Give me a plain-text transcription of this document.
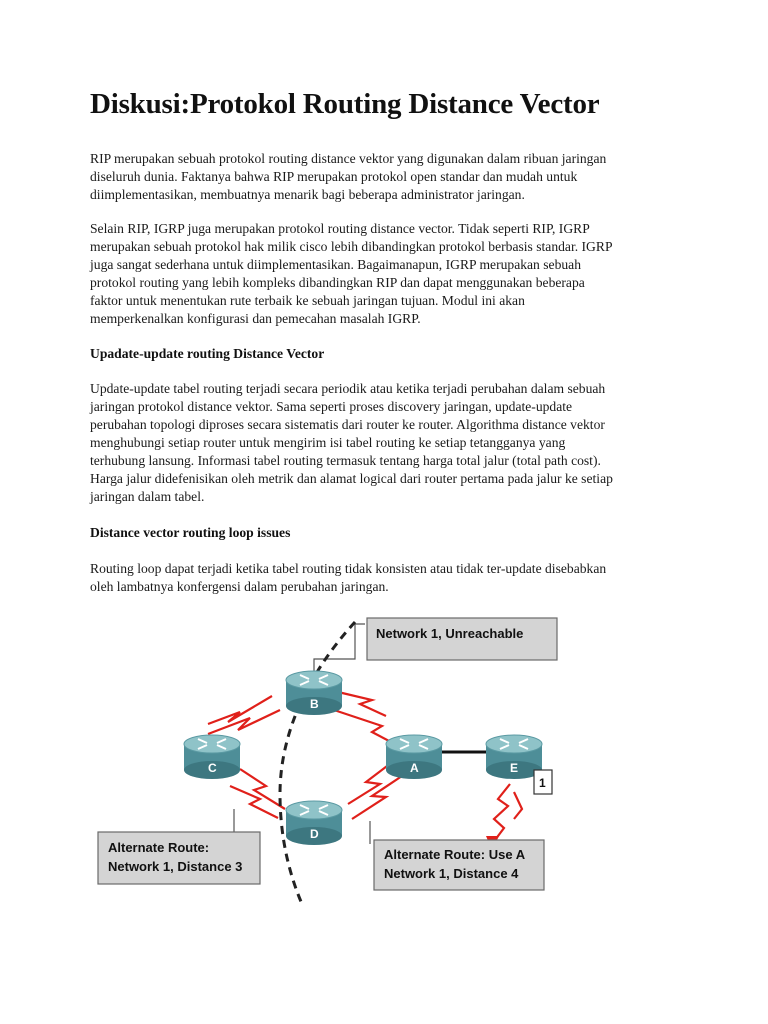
Diskusi:Protokol Routing Distance Vector

RIP merupakan sebuah protokol routing distance vektor yang digunakan dalam ribuan jaringan
diseluruh dunia. Faktanya bahwa RIP merupakan protokol open standar dan mudah untuk
diimplementasikan, membuatnya menarik bagi beberapa administrator jaringan.

Selain RIP, IGRP juga merupakan protokol routing distance vector. Tidak seperti RIP, IGRP
merupakan sebuah protokol hak milik cisco lebih dibandingkan protokol berbasis standar. IGRP
juga sangat sederhana untuk diimplementasikan. Bagaimanapun, IGRP merupakan sebuah
protokol routing yang lebih kompleks dibandingkan RIP dan dapat menggunakan beberapa
faktor untuk menentukan rute terbaik ke sebuah jaringan tujuan. Modul ini akan
memperkenalkan konfigurasi dan pemecahan masalah IGRP.

Upadate-update routing Distance Vector

Update-update tabel routing terjadi secara periodik atau ketika terjadi perubahan dalam sebuah
jaringan protokol distance vektor. Sama seperti proses discovery jaringan, update-update
perubahan topologi diproses secara sistematis dari router ke router. Algorithma distance vektor
menghubungi setiap router untuk mengirim isi tabel routing ke setiap tetangganya yang
terhubung lansung. Informasi tabel routing termasuk tentang harga total jalur (total path cost).
Harga jalur didefenisikan oleh metrik dan alamat logical dari router pertama pada jalur ke setiap
jaringan dalam tabel.

Distance vector routing loop issues

Routing loop dapat terjadi ketika tabel routing tidak konsisten atau tidak ter-update disebabkan
oleh lambatnya konfergensi dalam perubahan jaringan.

Network 1, Unreachable
B
C	A	E
D
1
Alternate Route:
Network 1, Distance 3
Alternate Route: Use A
Network 1, Distance 4
